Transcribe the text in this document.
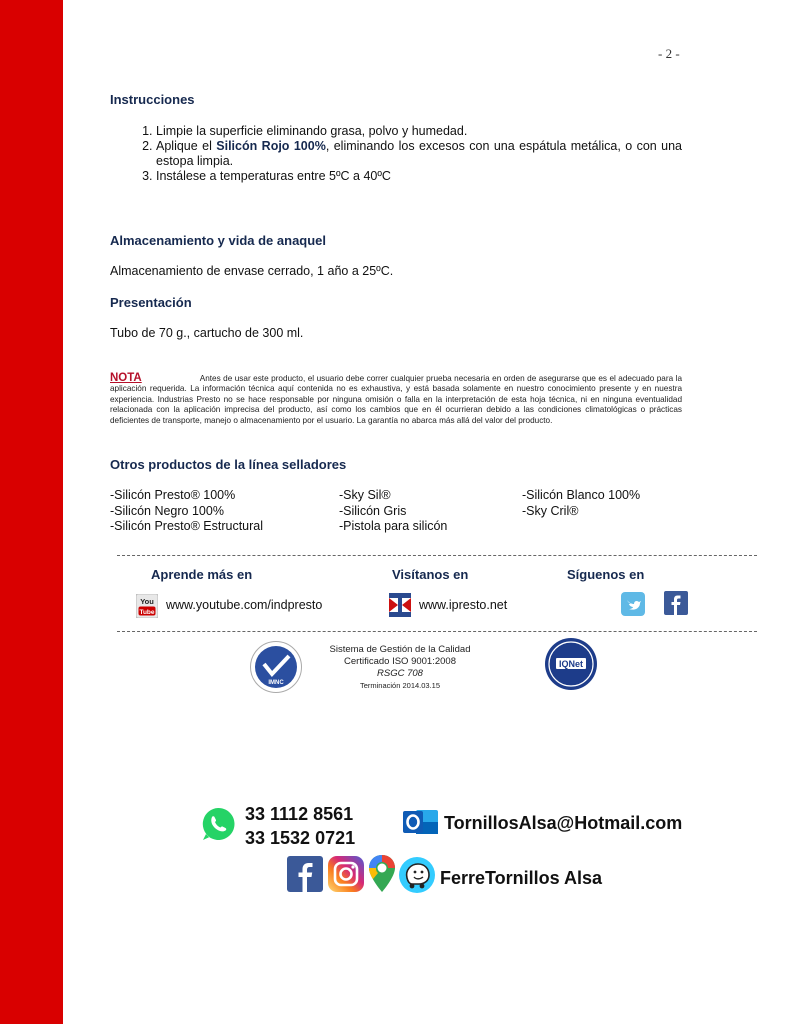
- 2 -
Instrucciones
1. Limpie la superficie eliminando grasa, polvo y humedad.
2. Aplique el Silicón Rojo 100%, eliminando los excesos con una espátula metálica, o con una estopa limpia.
3. Instálese a temperaturas entre 5ºC a 40ºC
Almacenamiento y vida de anaquel
Almacenamiento de envase cerrado, 1 año a 25ºC.
Presentación
Tubo de 70 g., cartucho de 300 ml.
NOTA	Antes de usar este producto, el usuario debe correr cualquier prueba necesaria en orden de asegurarse que es el adecuado para la aplicación requerida. La información técnica aquí contenida no es exhaustiva, y está basada solamente en nuestro conocimiento presente y en nuestra experiencia. Industrias Presto no se hace responsable por ninguna omisión o falla en la interpretación de esta hoja técnica, ni en ninguna eventualidad relacionada con la aplicación imprecisa del producto, así como los cambios que en él ocurrieran debido a las condiciones climatológicas o prácticas deficientes de transporte, manejo o almacenamiento por el usuario. La garantía no abarca más allá del valor del producto.
Otros productos de la línea selladores
-Silicón Presto® 100%
-Silicón Negro 100%
-Silicón Presto® Estructural
-Sky Sil®
-Silicón Gris
-Pistola para silicón
-Silicón Blanco 100%
-Sky Cril®
Aprende más en	Visítanos en	Síguenos en
You
Tube
www.youtube.com/indpresto	www.ipresto.net
IMNC
Sistema de Gestión de la Calidad
Certificado ISO 9001:2008
RSGC 708
Terminación 2014.03.15
IQNet
33 1112 8561
33 1532 0721
TornillosAlsa@Hotmail.com
FerreTornillos Alsa
